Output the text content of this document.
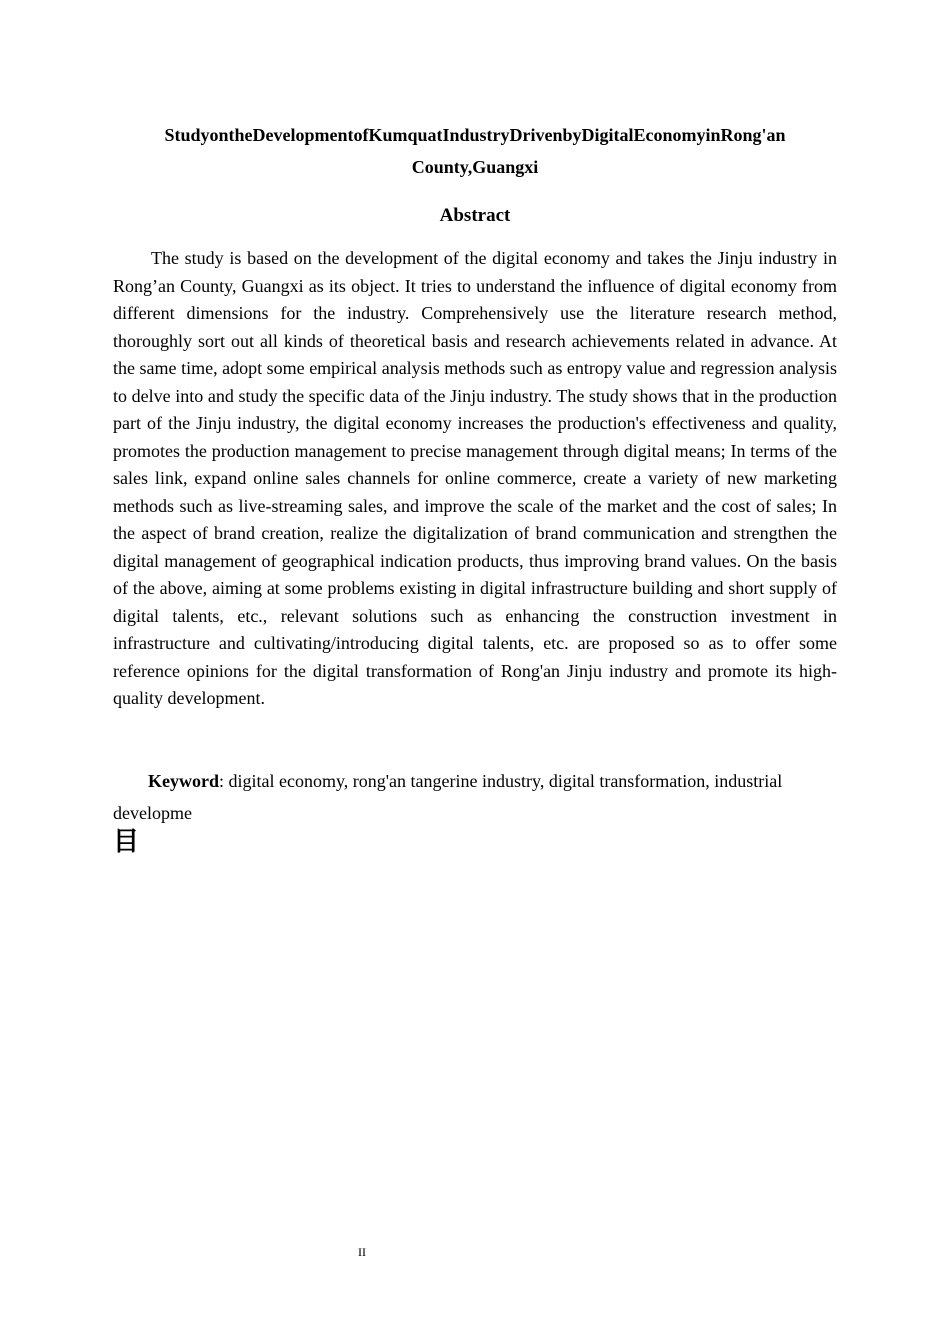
StudyontheDevelopmentofKumquatIndustryDrivenbyDigitalEconomyinRong'an County,Guangxi
Abstract

The study is based on the development of the digital economy and takes the Jinju industry in Rong’an County, Guangxi as its object. It tries to understand the influence of digital economy from different dimensions for the industry. Comprehensively use the literature research method, thoroughly sort out all kinds of theoretical basis and research achievements related in advance. At the same time, adopt some empirical analysis methods such as entropy value and regression analysis to delve into and study the specific data of the Jinju industry. The study shows that in the production part of the Jinju industry, the digital economy increases the production's effectiveness and quality, promotes the production management to precise management through digital means; In terms of the sales link, expand online sales channels for online commerce, create a variety of new marketing methods such as live-streaming sales, and improve the scale of the market and the cost of sales; In the aspect of brand creation, realize the digitalization of brand communication and strengthen the digital management of geographical indication products, thus improving brand values. On the basis of the above, aiming at some problems existing in digital infrastructure building and short supply of digital talents, etc., relevant solutions such as enhancing the construction investment in infrastructure and cultivating/introducing digital talents, etc. are proposed so as to offer some reference opinions for the digital transformation of Rong'an Jinju industry and promote its high-quality development.

Keyword: digital economy, rong'an tangerine industry, digital transformation, industrial developme

目
II
